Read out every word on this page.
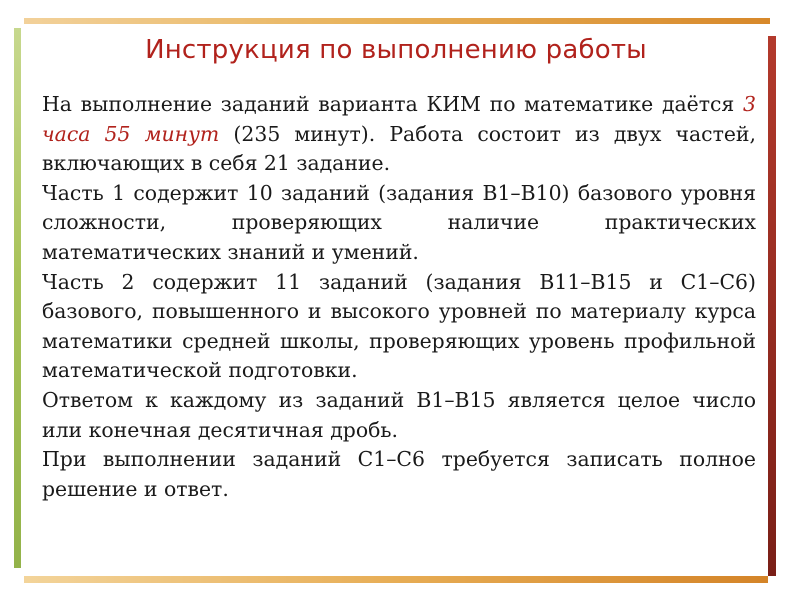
Инструкция по выполнению работы

На выполнение заданий варианта КИМ по математике даётся 3 часа 55 минут (235 минут). Работа состоит из двух частей, включающих в себя 21 задание.

Часть 1 содержит 10 заданий (задания B1–B10) базового уровня сложности, проверяющих наличие практических математических знаний и умений.

Часть 2 содержит 11 заданий (задания В11–В15 и С1–С6) базового, повышенного и высокого уровней по материалу курса математики средней школы, проверяющих уровень профильной математической подготовки.

Ответом к каждому из заданий В1–В15 является целое число или конечная десятичная дробь.

При выполнении заданий С1–С6 требуется записать полное решение и ответ.
